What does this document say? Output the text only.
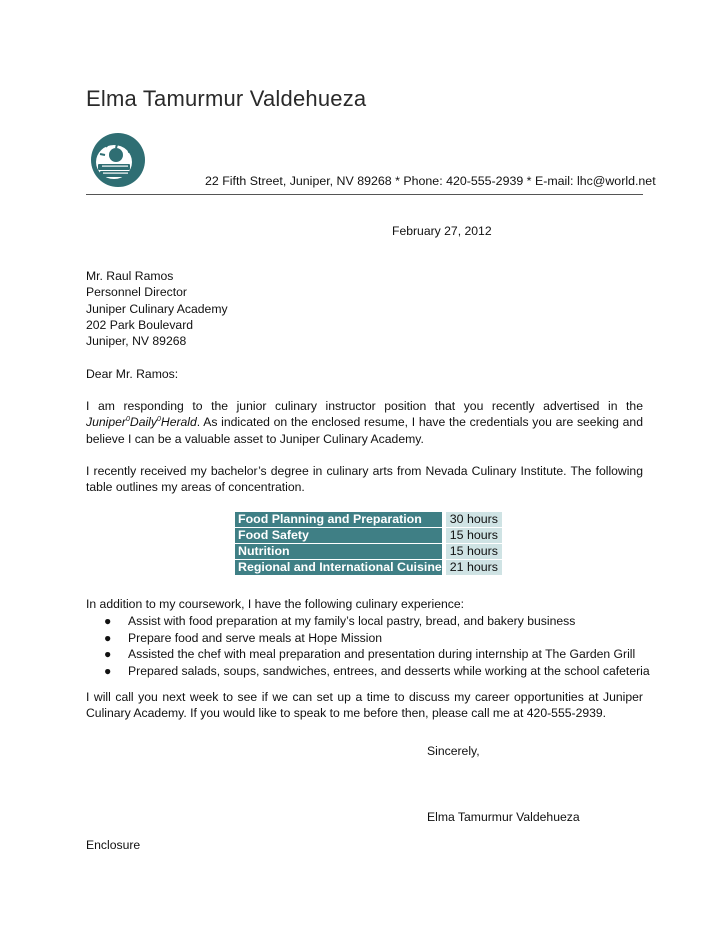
Elma Tamurmur Valdehueza
22 Fifth Street, Juniper, NV 89268 * Phone: 420-555-2939 * E-mail: lhc@world.net
February 27, 2012
Mr. Raul Ramos
Personnel Director
Juniper Culinary Academy
202 Park Boulevard
Juniper, NV 89268
Dear Mr. Ramos:
I am responding to the junior culinary instructor position that you recently advertised in the Juniper$^0$Daily$^0$Herald. As indicated on the enclosed resume, I have the credentials you are seeking and believe I can be a valuable asset to Juniper Culinary Academy.
I recently received my bachelor’s degree in culinary arts from Nevada Culinary Institute. The following table outlines my areas of concentration.
Food Planning and Preparation		30 hours
Food Safety		15 hours
Nutrition		15 hours
Regional and International Cuisine		21 hours
In addition to my coursework, I have the following culinary experience:
● Assist with food preparation at my family’s local pastry, bread, and bakery business
● Prepare food and serve meals at Hope Mission
● Assisted the chef with meal preparation and presentation during internship at The Garden Grill
● Prepared salads, soups, sandwiches, entrees, and desserts while working at the school cafeteria
I will call you next week to see if we can set up a time to discuss my career opportunities at Juniper Culinary Academy. If you would like to speak to me before then, please call me at 420-555-2939.
Sincerely,
Elma Tamurmur Valdehueza
Enclosure
